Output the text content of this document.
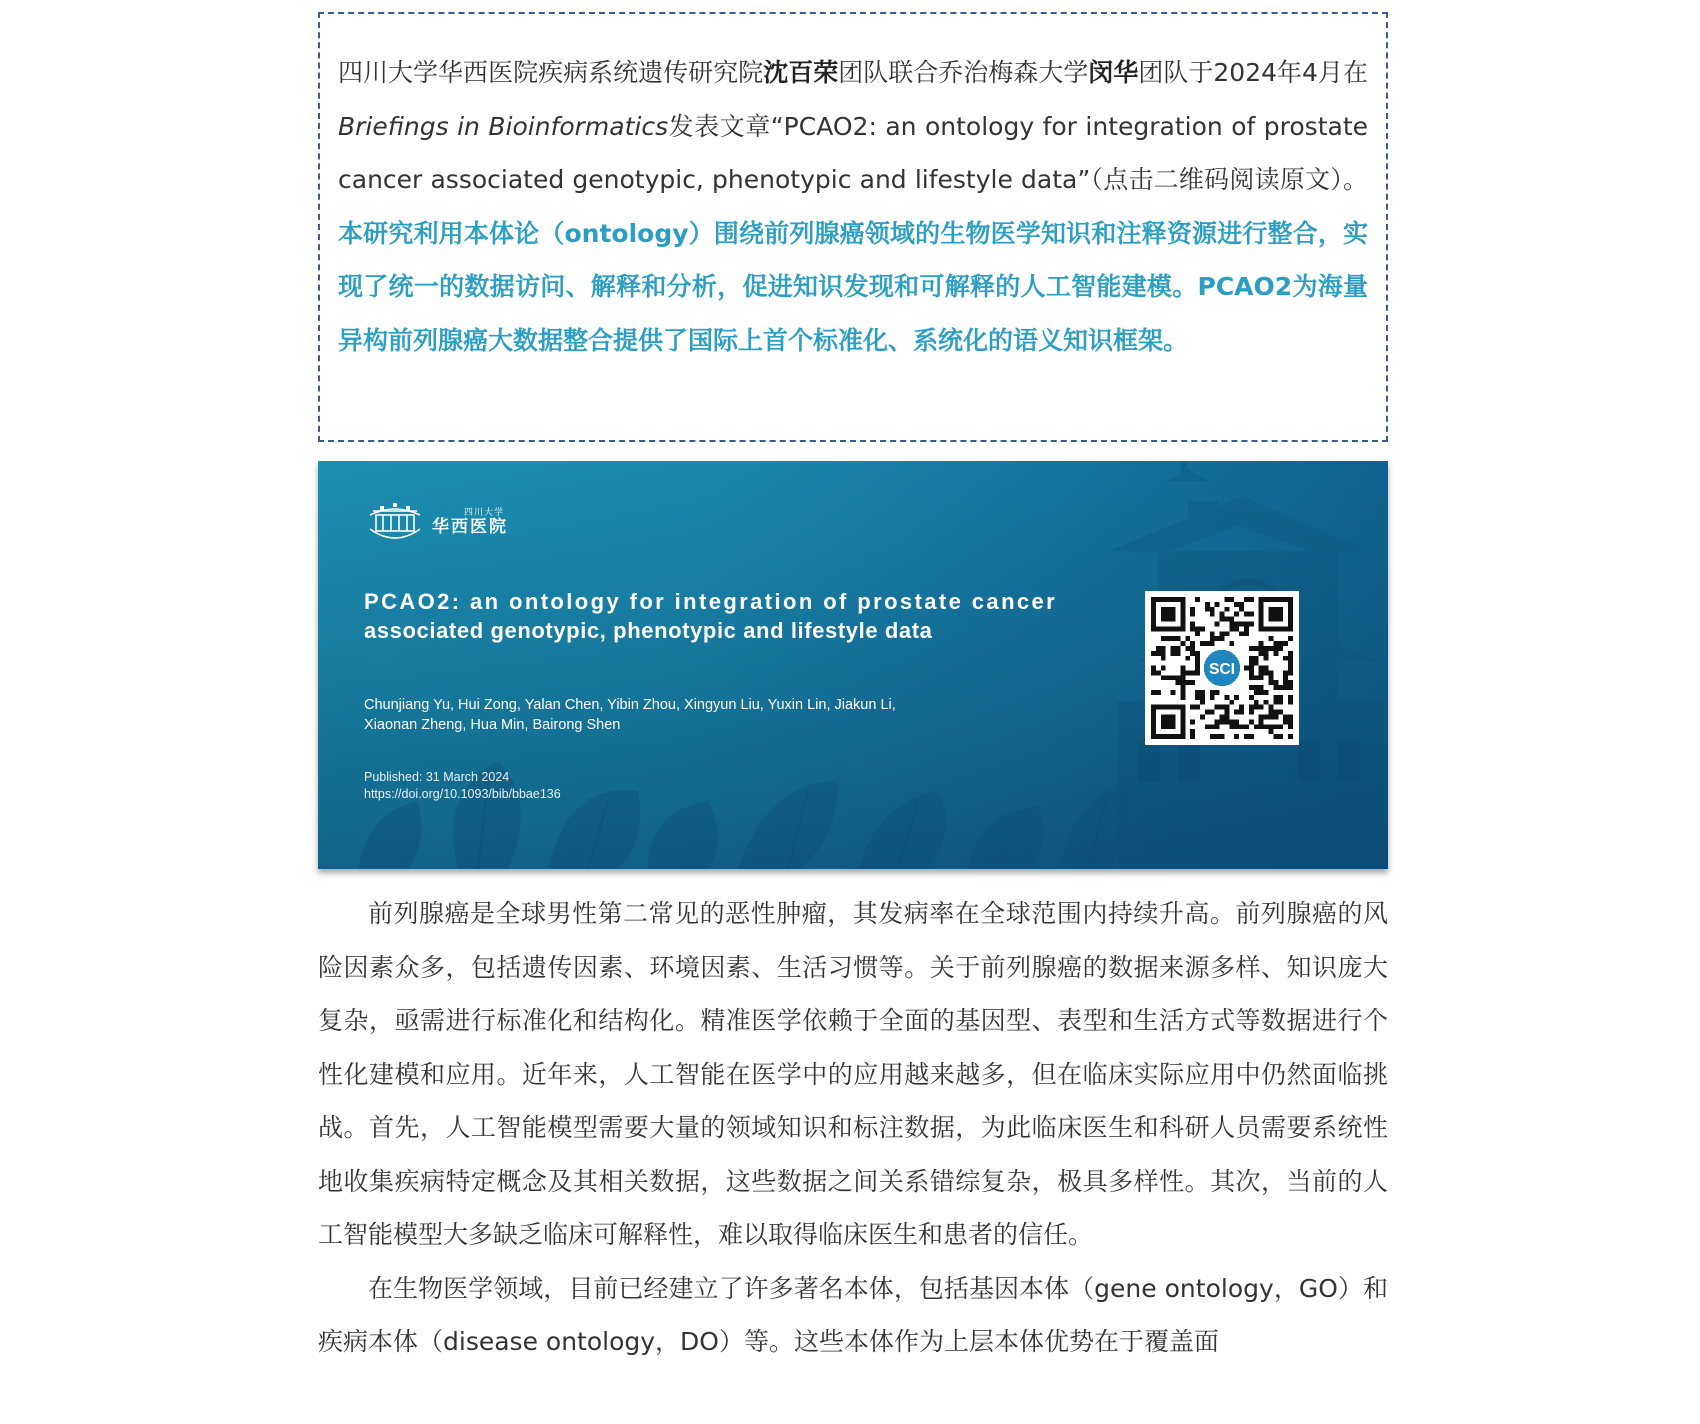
四川大学华西医院疾病系统遗传研究院沈百荣团队联合乔治梅森大学闵华团队于2024年4月在Briefings in Bioinformatics发表文章“PCAO2: an ontology for integration of prostate cancer associated genotypic, phenotypic and lifestyle data”（点击二维码阅读原文）。本研究利用本体论（ontology）围绕前列腺癌领域的生物医学知识和注释资源进行整合，实现了统一的数据访问、解释和分析，促进知识发现和可解释的人工智能建模。PCAO2为海量异构前列腺癌大数据整合提供了国际上首个标准化、系统化的语义知识框架。
四川大学
华西医院
PCAO2: an ontology for integration of prostate cancer
associated genotypic, phenotypic and lifestyle data
Chunjiang Yu, Hui Zong, Yalan Chen, Yibin Zhou, Xingyun Liu, Yuxin Lin, Jiakun Li,
Xiaonan Zheng, Hua Min, Bairong Shen
Published: 31 March 2024
https://doi.org/10.1093/bib/bbae136
SCI

前列腺癌是全球男性第二常见的恶性肿瘤，其发病率在全球范围内持续升高。前列腺癌的风险因素众多，包括遗传因素、环境因素、生活习惯等。关于前列腺癌的数据来源多样、知识庞大复杂，亟需进行标准化和结构化。精准医学依赖于全面的基因型、表型和生活方式等数据进行个性化建模和应用。近年来，人工智能在医学中的应用越来越多，但在临床实际应用中仍然面临挑战。首先，人工智能模型需要大量的领域知识和标注数据，为此临床医生和科研人员需要系统性地收集疾病特定概念及其相关数据，这些数据之间关系错综复杂，极具多样性。其次，当前的人工智能模型大多缺乏临床可解释性，难以取得临床医生和患者的信任。

在生物医学领域，目前已经建立了许多著名本体，包括基因本体（gene ontology，GO）和疾病本体（disease ontology，DO）等。这些本体作为上层本体优势在于覆盖面
